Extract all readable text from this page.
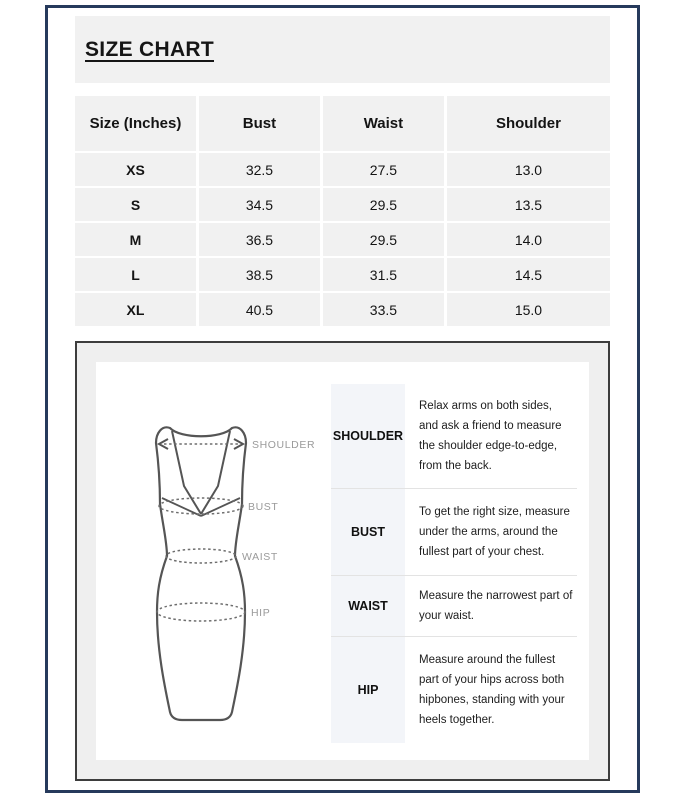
SIZE CHART
Size (Inches)	Bust	Waist	Shoulder
XS	32.5	27.5	13.0
S	34.5	29.5	13.5
M	36.5	29.5	14.0
L	38.5	31.5	14.5
XL	40.5	33.5	15.0
SHOULDER
BUST
WAIST
HIP
SHOULDER
Relax arms on both sides, and ask a friend to measure the shoulder edge-to-edge, from the back.
BUST
To get the right size, measure under the arms, around the fullest part of your chest.
WAIST
Measure the narrowest part of your waist.
HIP
Measure around the fullest part of your hips across both hipbones, standing with your heels together.
